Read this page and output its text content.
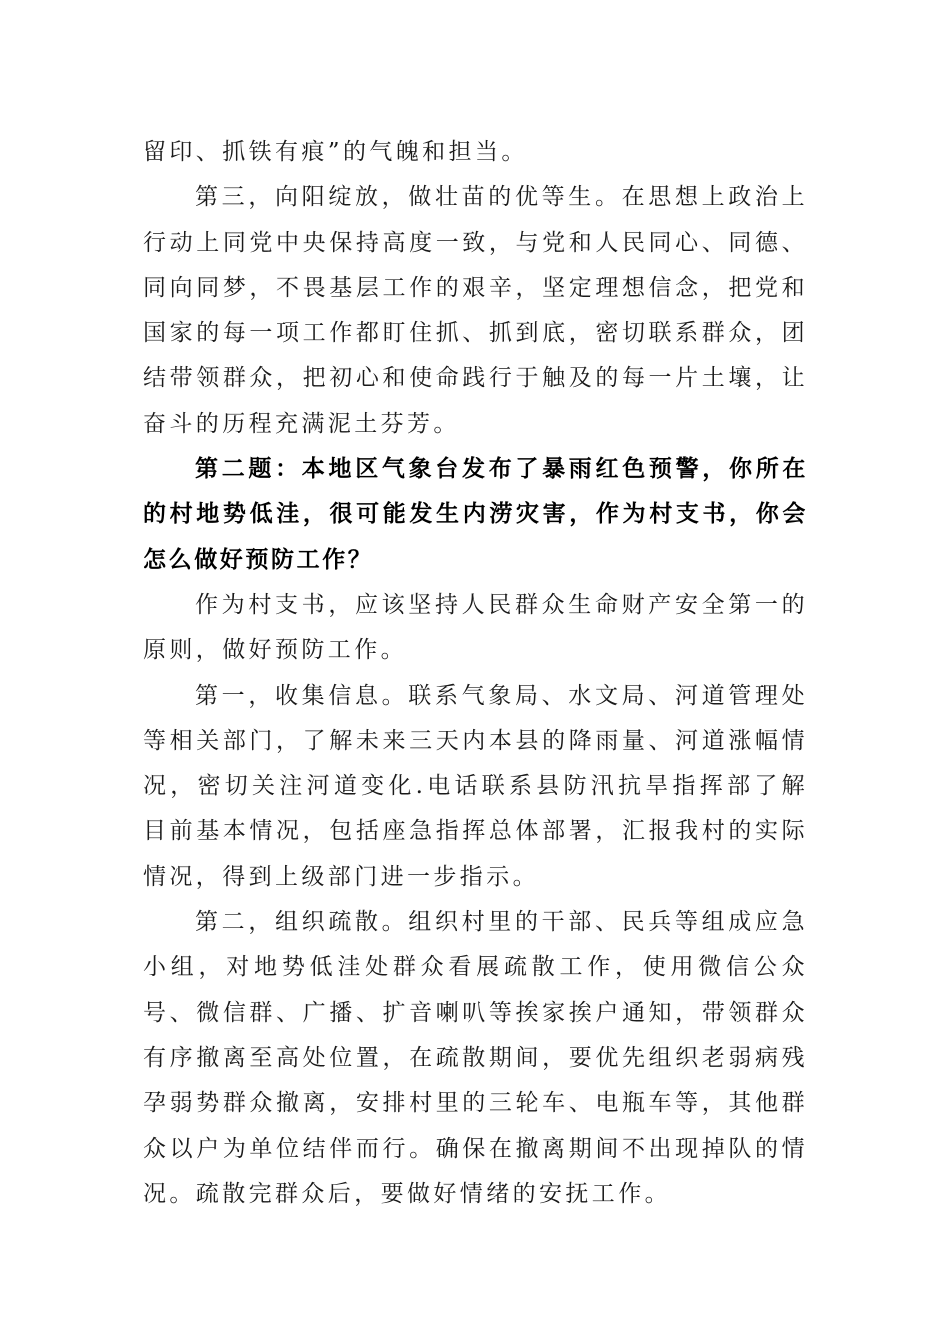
留印、抓铁有痕”的气魄和担当。

第三，向阳绽放，做壮苗的优等生。在思想上政治上行动上同党中央保持高度一致，与党和人民同心、同德、同向同梦，不畏基层工作的艰辛，坚定理想信念，把党和国家的每一项工作都盯住抓、抓到底，密切联系群众，团结带领群众，把初心和使命践行于触及的每一片土壤，让奋斗的历程充满泥土芬芳。

第二题：本地区气象台发布了暴雨红色预警，你所在的村地势低洼，很可能发生内涝灾害，作为村支书，你会怎么做好预防工作？

作为村支书，应该坚持人民群众生命财产安全第一的原则，做好预防工作。

第一，收集信息。联系气象局、水文局、河道管理处等相关部门，了解未来三天内本县的降雨量、河道涨幅情况，密切关注河道变化.电话联系县防汛抗旱指挥部了解目前基本情况，包括座急指挥总体部署，汇报我村的实际情况，得到上级部门进一步指示。

第二，组织疏散。组织村里的干部、民兵等组成应急小组，对地势低洼处群众看展疏散工作，使用微信公众号、微信群、广播、扩音喇叭等挨家挨户通知，带领群众有序撤离至高处位置，在疏散期间，要优先组织老弱病残孕弱势群众撤离，安排村里的三轮车、电瓶车等，其他群众以户为单位结伴而行。确保在撤离期间不出现掉队的情况。疏散完群众后，要做好情绪的安抚工作。
